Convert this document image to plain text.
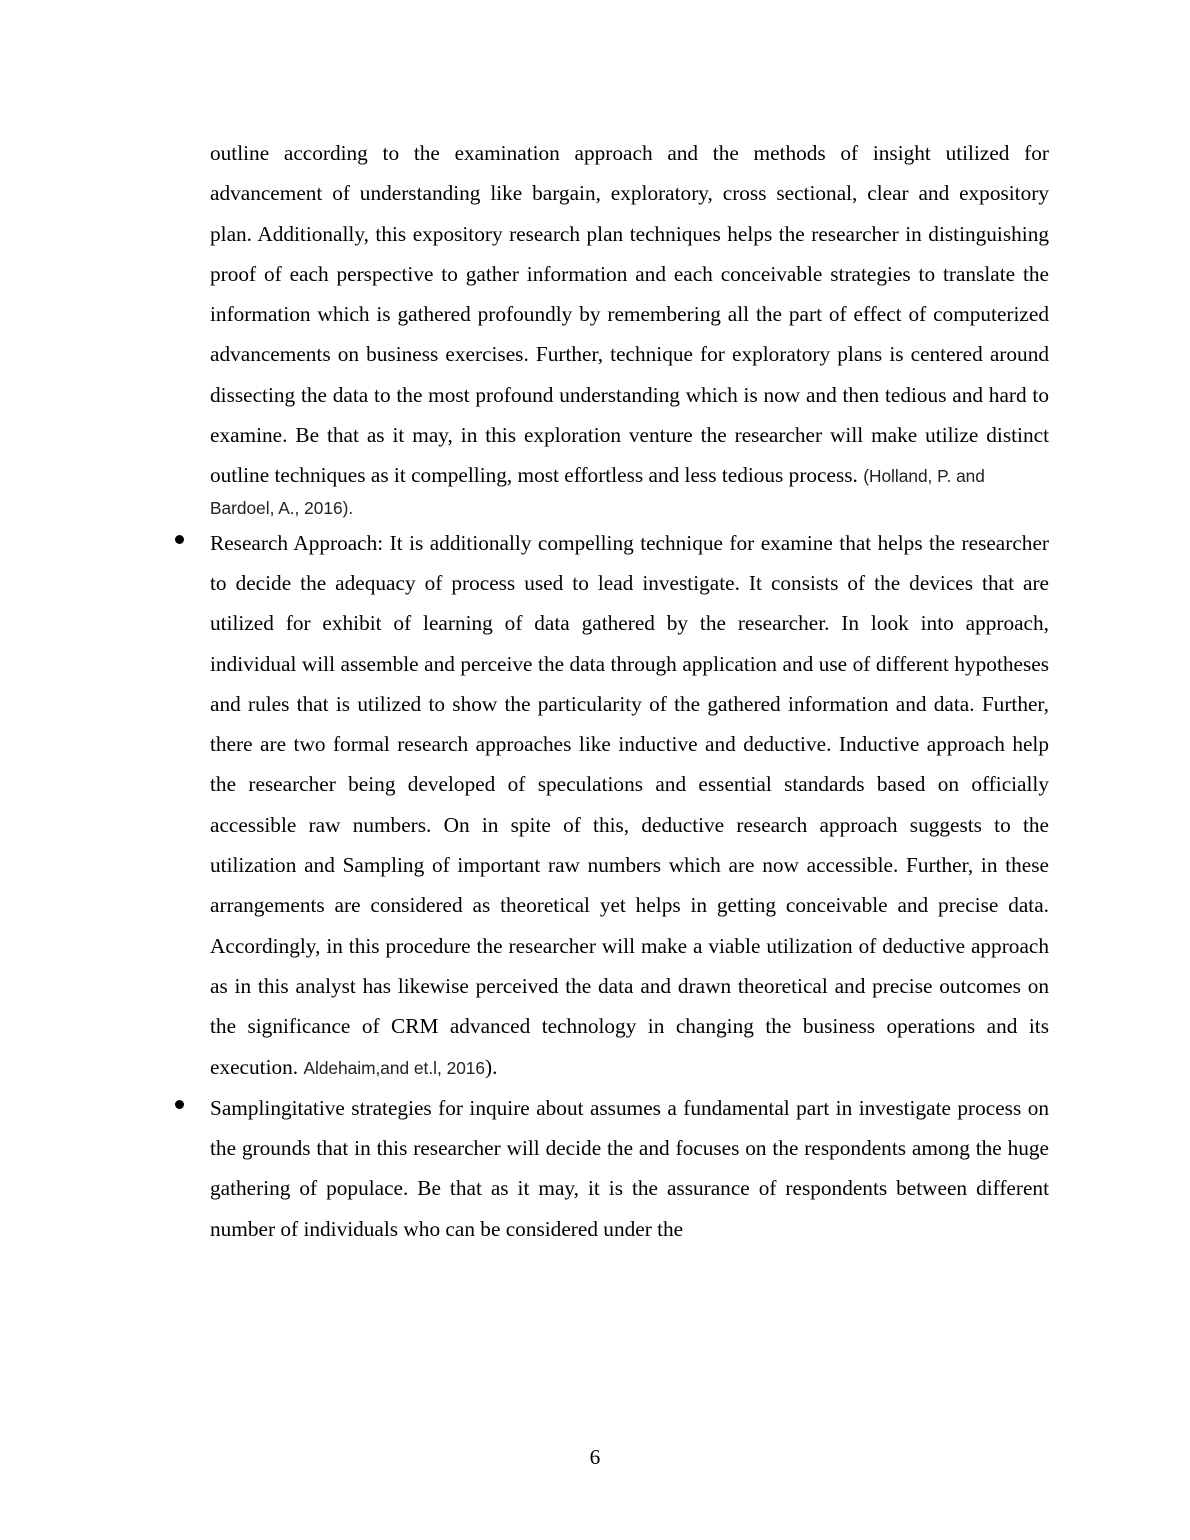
outline according to the examination approach and the methods of insight utilized for advancement of understanding like bargain, exploratory, cross sectional, clear and expository plan. Additionally, this expository research plan techniques helps the researcher in distinguishing proof of each perspective to gather information and each conceivable strategies to translate the information which is gathered profoundly by remembering all the part of effect of computerized advancements on business exercises. Further, technique for exploratory plans is centered around dissecting the data to the most profound understanding which is now and then tedious and hard to examine. Be that as it may, in this exploration venture the researcher will make utilize distinct outline techniques as it compelling, most effortless and less tedious process. (Holland, P. and
Bardoel, A., 2016).

Research Approach: It is additionally compelling technique for examine that helps the researcher to decide the adequacy of process used to lead investigate. It consists of the devices that are utilized for exhibit of learning of data gathered by the researcher. In look into approach, individual will assemble and perceive the data through application and use of different hypotheses and rules that is utilized to show the particularity of the gathered information and data. Further, there are two formal research approaches like inductive and deductive. Inductive approach help the researcher being developed of speculations and essential standards based on officially accessible raw numbers. On in spite of this, deductive research approach suggests to the utilization and Sampling of important raw numbers which are now accessible. Further, in these arrangements are considered as theoretical yet helps in getting conceivable and precise data. Accordingly, in this procedure the researcher will make a viable utilization of deductive approach as in this analyst has likewise perceived the data and drawn theoretical and precise outcomes on the significance of CRM advanced technology in changing the business operations and its execution. Aldehaim,and et.l, 2016).

Samplingitative strategies for inquire about assumes a fundamental part in investigate process on the grounds that in this researcher will decide the and focuses on the respondents among the huge gathering of populace. Be that as it may, it is the assurance of respondents between different number of individuals who can be considered under the

6
